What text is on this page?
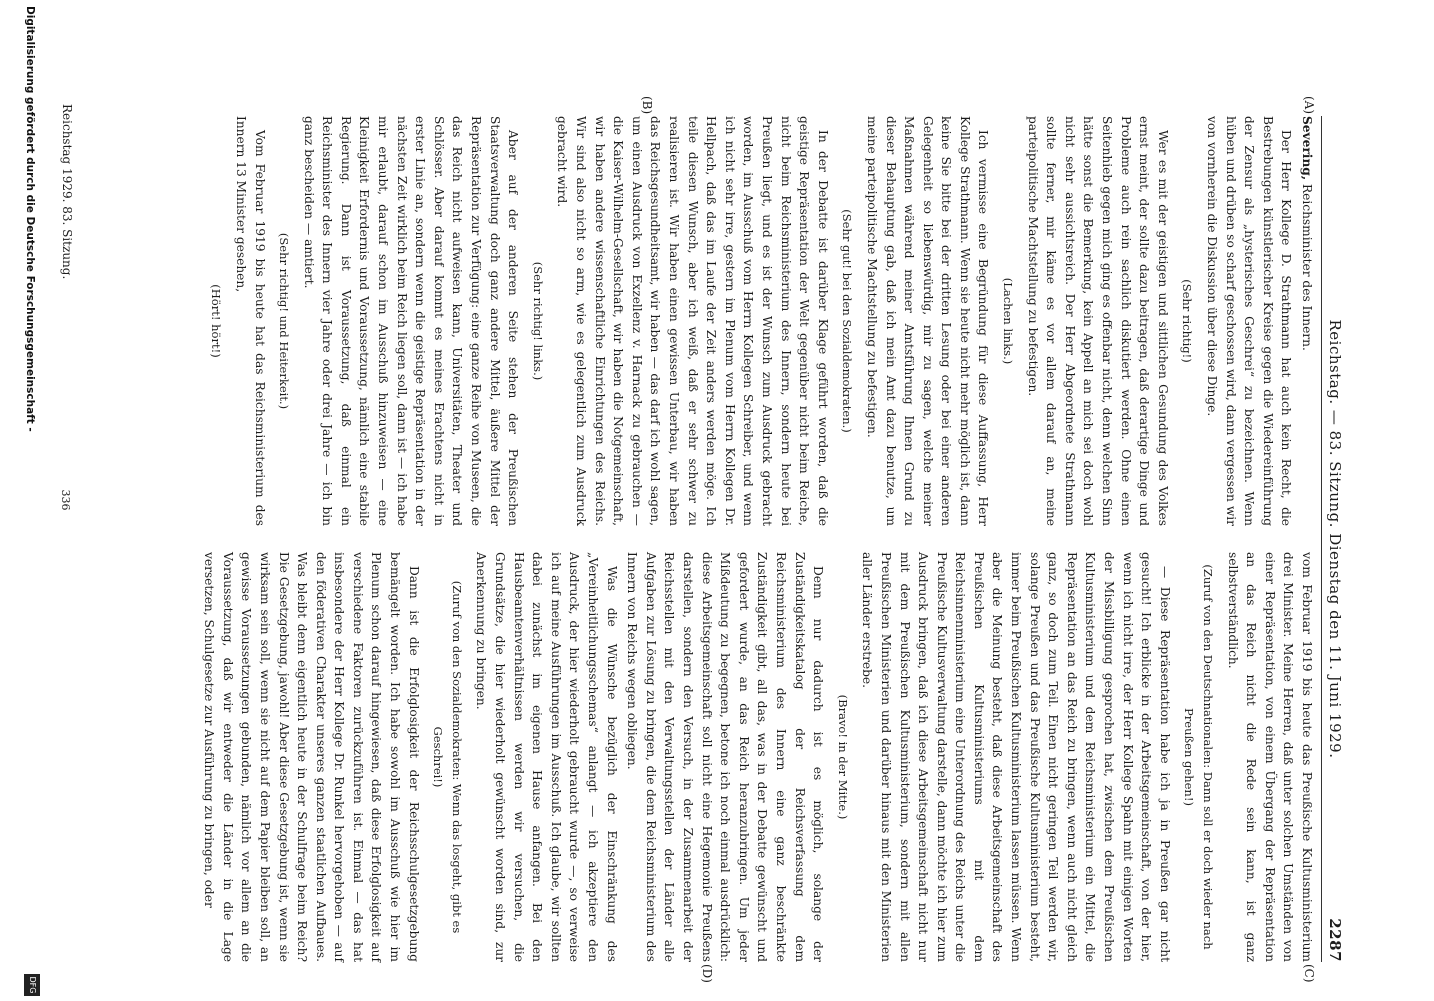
Reichstag. — 83. Sitzung. Dienstag den 11. Juni 1929.
2287
(A)
(B)
(C)
(D)

Severing, Reichsminister des Innern.

Der Herr Kollege D. Strathmann hat auch kein Recht, die Bestrebungen künstlerischer Kreise gegen die Wiedereinführung der Zensur als „hysterisches Geschrei“ zu bezeichnen. Wenn hüben und drüben so scharf geschossen wird, dann vergessen wir von vornherein die Diskussion über diese Dinge.

(Sehr richtig!)

Wer es mit der geistigen und sittlichen Gesundung des Volkes ernst meint, der sollte dazu beitragen, daß derartige Dinge und Probleme auch rein sachlich diskutiert werden. Ohne einen Seitenhieb gegen mich ging es offenbar nicht, denn welchen Sinn hätte sonst die Bemerkung, kein Appell an mich sei doch wohl nicht sehr aussichtsreich. Der Herr Abgeordnete Strathmann sollte ferner, mir käme es vor allem darauf an, meine parteipolitische Machtstellung zu befestigen.

(Lachen links.)

Ich vermisse eine Begründung für diese Auffassung, Herr Kollege Strathmann. Wenn sie heute nicht mehr möglich ist, dann keine Sie bitte bei der dritten Lesung oder bei einer anderen Gelegenheit so liebenswürdig, mir zu sagen, welche meiner Maßnahmen während meiner Amtsführung Ihnen Grund zu dieser Behauptung gab, daß ich mein Amt dazu benutze, um meine parteipolitische Machtstellung zu befestigen.

(Sehr gut! bei den Sozialdemokraten.)

In der Debatte ist darüber Klage geführt worden, daß die geistige Repräsentation der Welt gegenüber nicht beim Reiche, nicht beim Reichsministerium des Innern, sondern heute bei Preußen liegt, und es ist der Wunsch zum Ausdruck gebracht worden, im Ausschuß vom Herrn Kollegen Schreiber, und wenn ich nicht sehr irre, gestern im Plenum vom Herrn Kollegen Dr. Hellpach, daß das im Laufe der Zeit anders werden möge. Ich teile diesen Wunsch, aber ich weiß, daß er sehr schwer zu realisieren ist. Wir haben einen gewissen Unterbau, wir haben das Reichsgesundheitsamt, wir haben — das darf ich wohl sagen, um einen Ausdruck von Exzellenz v. Harnack zu gebrauchen — die Kaiser-Wilhelm-Gesellschaft, wir haben die Notgemeinschaft, wir haben andere wissenschaftliche Einrichtungen des Reichs. Wir sind also nicht so arm, wie es gelegentlich zum Ausdruck gebracht wird.

(Sehr richtig! links.)

Aber auf der anderen Seite stehen der Preußischen Staatsverwaltung doch ganz andere Mittel, äußere Mittel der Repräsentation zur Verfügung: eine ganze Reihe von Museen, die das Reich nicht aufweisen kann, Universitäten, Theater und Schlösser. Aber darauf kommt es meines Erachtens nicht in erster Linie an, sondern wenn die geistige Repräsentation in der nächsten Zeit wirklich beim Reich liegen soll, dann ist — ich habe mir erlaubt, darauf schon im Ausschuß hinzuweisen — eine Kleinigkeit Erfordernis und Voraussetzung, nämlich eine stabile Regierung. Dann ist Voraussetzung, daß einmal ein Reichsminister des Innern vier Jahre oder drei Jahre — ich bin ganz bescheiden — amtiert.

(Sehr richtig! und Heiterkeit.)

Vom Februar 1919 bis heute hat das Reichsministerium des Innern 13 Minister gesehen,

(Hört! hört!)

vom Februar 1919 bis heute das Preußische Kultusministerium drei Minister. Meine Herren, daß unter solchen Umständen von einer Repräsentation, von einem Übergang der Repräsentation an das Reich nicht die Rede sein kann, ist ganz selbstverständlich.

(Zuruf von den Deutschnationalen: Dann soll er doch wieder nach Preußen gehen!)

— Diese Repräsentation habe ich ja in Preußen gar nicht gesucht! Ich erblicke in der Arbeitsgemeinschaft, von der hier, wenn ich nicht irre, der Herr Kollege Spahn mit einigen Worten der Missbilligung gesprochen hat, zwischen dem Preußischen Kultusministerium und dem Reichsministerium ein Mittel, die Repräsentation an das Reich zu bringen, wenn auch nicht gleich ganz, so doch zum Teil. Einen nicht geringen Teil werden wir, solange Preußen und das Preußische Kultusministerium besteht, immer beim Preußischen Kultusministerium lassen müssen. Wenn aber die Meinung besteht, daß diese Arbeitsgemeinschaft des Preußischen Kultusministeriums mit dem Reichsinnenministerium eine Unterordnung des Reichs unter die Preußische Kultusverwaltung darstelle, dann möchte ich hier zum Ausdruck bringen, daß ich diese Arbeitsgemeinschaft nicht nur mit dem Preußischen Kultusministerium, sondern mit allen Preußischen Ministerien und darüber hinaus mit den Ministerien aller Länder erstrebe.

(Bravo! in der Mitte.)

Denn nur dadurch ist es möglich, solange der Zuständigkeitskatalog der Reichsverfassung dem Reichsministerium des Innern eine ganz beschränkte Zuständigkeit gibt, all das, was in der Debatte gewünscht und gefordert wurde, an das Reich heranzubringen. Um jeder Mißdeutung zu begegnen, betone ich noch einmal ausdrücklich: diese Arbeitsgemeinschaft soll nicht eine Hegemonie Preußens darstellen, sondern den Versuch, in der Zusammenarbeit der Reichsstellen mit den Verwaltungsstellen der Länder alle Aufgaben zur Lösung zu bringen, die dem Reichsministerium des Innern von Reichs wegen obliegen.

Was die Wünsche bezüglich der Einschränkung des „Vereinheitlichungsschemas“ anlangt — ich akzeptiere den Ausdruck, der hier wiederholt gebraucht wurde —, so verweise ich auf meine Ausführungen im Ausschuß. Ich glaube, wir sollten dabei zunächst im eigenen Hause anfangen. Bei den Hausbeamtenverhältnissen werden wir versuchen, die Grundsätze, die hier wiederholt gewünscht worden sind, zur Anerkennung zu bringen.

(Zuruf von den Sozialdemokraten: Wenn das losgeht, gibt es Geschrei!)

Dann ist die Erfolglosigkeit der Reichsschulgesetzgebung bemängelt worden. Ich habe sowohl im Ausschuß wie hier im Plenum schon darauf hingewiesen, daß diese Erfolglosigkeit auf verschiedene Faktoren zurückzuführen ist. Einmal — das hat insbesondere der Herr Kollege Dr. Runkel hervorgehoben — auf den föderativen Charakter unseres ganzen staatlichen Aufbaues. Was bleibt denn eigentlich heute in der Schulfrage beim Reich? Die Gesetzgebung, jawohl! Aber diese Gesetzgebung ist, wenn sie wirksam sein soll, wenn sie nicht auf dem Papier bleiben soll, an gewisse Voraussetzungen gebunden, nämlich vor allem an die Voraussetzung, daß wir entweder die Länder in die Lage versetzen, Schulgesetze zur Ausführung zu bringen, oder

Reichstag 1929. 83. Sitzung.
336
Digitalisierung gefördert durch die Deutsche Forschungsgemeinschaft -
DFG
